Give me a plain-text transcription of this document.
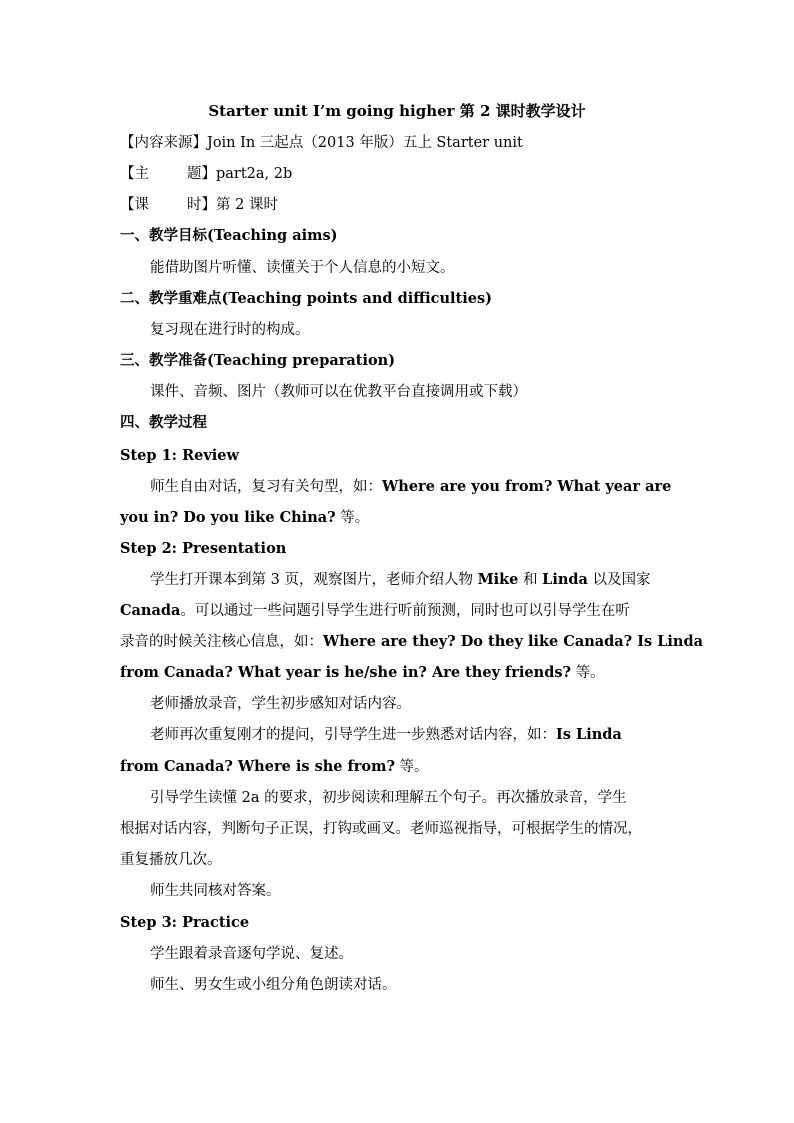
Starter unit I’m going higher 第 2 课时教学设计
【内容来源】Join In 三起点（2013 年版）五上 Starter unit
【主	题】part2a, 2b
【课	时】第 2 课时
一、教学目标(Teaching aims)
能借助图片听懂、读懂关于个人信息的小短文。
二、教学重难点(Teaching points and difficulties)
复习现在进行时的构成。
三、教学准备(Teaching preparation)
课件、音频、图片（教师可以在优教平台直接调用或下载）
四、教学过程
Step 1: Review
师生自由对话，复习有关句型，如：Where are you from? What year are
you in? Do you like China? 等。
Step 2: Presentation
学生打开课本到第 3 页，观察图片，老师介绍人物 Mike 和 Linda 以及国家
Canada。可以通过一些问题引导学生进行听前预测，同时也可以引导学生在听
录音的时候关注核心信息，如：Where are they? Do they like Canada? Is Linda
from Canada? What year is he/she in? Are they friends? 等。
老师播放录音，学生初步感知对话内容。
老师再次重复刚才的提问，引导学生进一步熟悉对话内容，如：Is Linda
from Canada? Where is she from? 等。
引导学生读懂 2a 的要求，初步阅读和理解五个句子。再次播放录音，学生
根据对话内容，判断句子正误，打钩或画叉。老师巡视指导，可根据学生的情况，
重复播放几次。
师生共同核对答案。
Step 3: Practice
学生跟着录音逐句学说、复述。
师生、男女生或小组分角色朗读对话。
